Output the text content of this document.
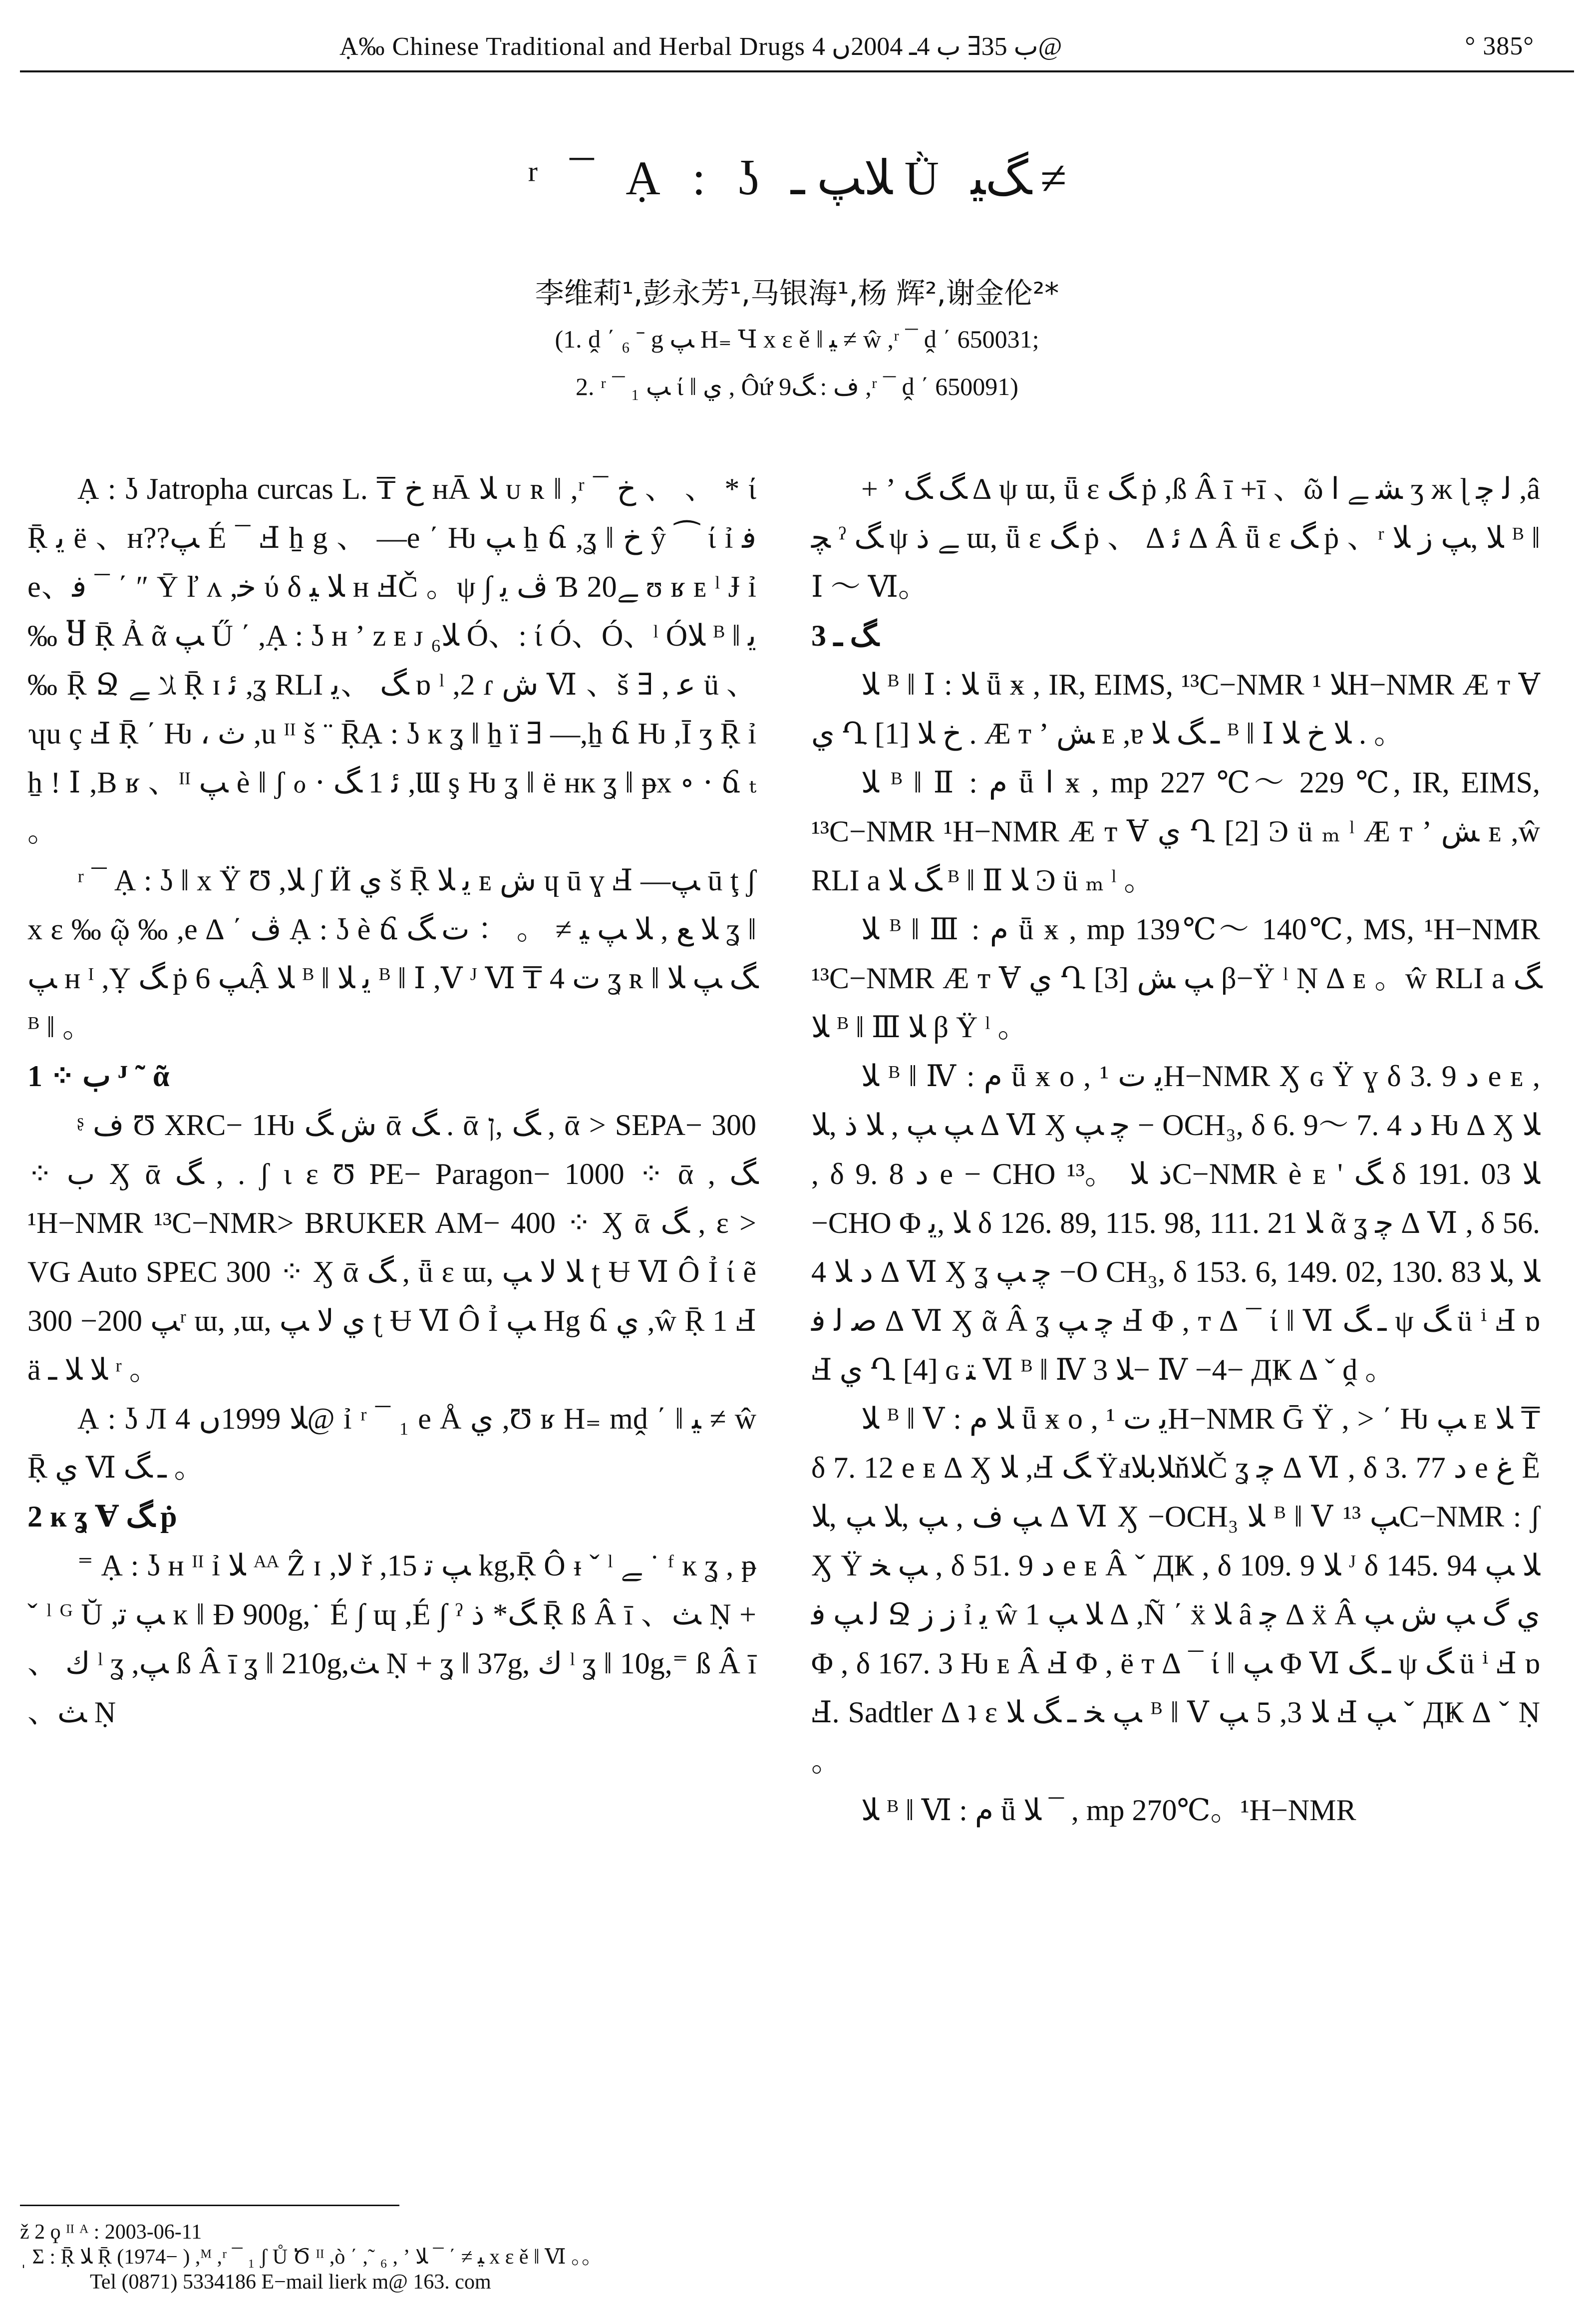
Ạ‰ Chinese Traditional and Herbal Drugs ب 35∃ ب 4ـ 2004ں 4@	° 385°
ʳ ¯ Ạ : ʖ ﻼﭗ ـ Ǜ ﮓﻴ ≠
李维莉¹,彭永芳¹,马银海¹,杨 辉²,谢金伦²*
(1. ḓ ΄ ₆ ˉ g ﭗ H₌ Ɥ x ɛ ě ǁ ﻴ ≠ ŵ ,ʳ ¯ ḓ ΄ 650031;
2. ʳ ¯ ₁ ﭗ ί ǁ ﻱ , Ôứ ف : ﮓ9 ,ʳ ¯ ḓ ΄ 650091)

Ạ : ʖ Jatropha curcas L. ₸ ﺥ ʜĀ ﻼ ᴜ ʀ ǁ ,ʳ ¯ ﺥ 、 、 * ί Ṝ ﻳ ë 、ʜ??ﭗ É ¯ Ⅎ ẖ g 、 —e ΄ Ƕ ﭗ ẖ ճ ,ʓ ǁ ﺥ ŷ ⁀ ί ỉ ﻓ e、ﻓ ¯ ΄ ″ Ȳ ľ ʌ ,ﺧ ύ δ ﻼ ﻴ ʜ ℲČ 。ψ ∫ ﭪ ﻳ Ɓ 20ﮯ ʊ ʁ ᴇ ˡ Ɉ ỉ ‰ Ⴘ Ṝ Ả ᾶ ﭗ Ű ΄ ,Ạ : ʖ ʜ ʼ ᴢ ᴇ ᴊ ﻼ₆ Ó、: ί Ó、Ó、ˡ Óﻼ ᴮ ǁ ﻳ ‰ Ṝ Ջ ﻼ ﮯ Ṝ ɪ ﺋ ,ʓ RLI ﮓ 、ﻳ ɒ ˡ ,2 ɾ ش Ⅵ 、š ∃ , ﻋ ü 、 ʮu ç Ⅎ Ṝ ΄ Ƕ ، ث ,u ᴵᴵ š ¨ ṜẠ : ʖ ĸ ʓ ǁ ẖ ï ∃ —,ẖ ճ Ƕ ,Ī ʒ Ṝ ỉ ẖ ! Ⅰ ,B ʁ 、ᴵᴵ ﭗ è ǁ ʃ ℴ ⋅ ﺋ 1 ﮓ ,Ɯ ş Ƕ ʓ ǁ ë ʜĸ ʓ ǁ ᵽx ∘ ⋅ ճ ₜ 。

ʳ ¯ Ạ : ʖ ǁ x Ÿ Ʊ ,ﻼ ʃ Ӥ ﻱ š Ṝ ﻳ ﻼ ᴇ ﺵ ɥ ū ɣ Ⅎ —ﭗ ū ţ ʃ x ɛ ‰ ῷ ‰ ,e ∆ ΄ ﭪ Ạ : ʖ è ճ ﻼ ﻊ , ﻼ ﭗ ﻴ ≠ 。 ： ﺕ ﮓ ʓ ǁ ﭗ ʜ ᴵ ,Ỵ ﮓ ṗ ﭗ 6Ậ ﻼ ᴮ ǁ ﻳ ﻼ ᴮ ǁ Ⅰ ,Ⅴ ᴶ Ⅵ ₸ 4 ﺕ ʓ ʀ ǁ ﮓ ﭗ ﻼ ᴮ ǁ 。

1 ⁘ ب ᴶ ˜ ᾶ

ᶳ ف Ʊ XRC− 1Ƕ ش ﮓ ᾱ ﮓ . ᾱ ﮓ ,ן , ᾱ > SEPA− 300 ⁘ ب Ӽ ᾱ ﮓ , . ʃ ɩ ɛ Ʊ PE− Paragon− 1000 ⁘ ᾱ ﮓ , ¹H−NMR ¹³C−NMR> BRUKER AM− 400 ⁘ Ӽ ᾱ ﮓ , ɛ > VG Auto SPEC 300 ⁘ Ӽ ᾱ ﮓ , ǖ ɛ ɯ, ﻼ ﻻ ﭗ ʈ Ʉ Ⅵ Ô Ỉ ί ẽ ﭗ 200− 300ʳ ɯ, ,ɯ, ﻱ ﻻ ﭗ ʈ Ʉ Ⅵ Ô Ỉ ﭗ Hg ճ ﻱ ,ŵ Ṝ 1 Ⅎ ä ﻼ ﻼ ـ ʳ 。

Ạ : ʖ Л ﻼ 1999ں 4@ ỉ ʳ ¯ ₁ e Å ﻱ ,Ʊ ʁ H₌ mḓ ΄ ǁ ﻴ ≠ ŵ Ṝ ﻱ Ⅵ ـ ﮓ 。

2 ĸ ʓ Ɐ ﮓ ṗ

⁼ Ạ : ʖ ʜ ᴵᴵ ỉ ﻼ ᴬᴬ Ẑ ɪ ,ﻻ ř ,ﭗ ﺗ 15 kg,Ṝ Ô ᵻ ˇ ˡ ﮯ ˙ ᶠ ĸ ʓ , ᵽ ˇ ˡ ᴳ Ŭ ,ﭗ ﺗ ĸ ǁ Ɖ 900g,˙ É ∫ ɰ ,É ∫ ˀ ﮓ* ﺫ Ṝ ß Â ī 、ﺚ Ṇ + 、 ﻙ ˡ ʓ ,ﭗ ß Â ī ʓ ǁ 210g,ﺚ Ṇ + ʓ ǁ 37g, ﻙ ˡ ʓ ǁ 10g,⁼ ß Â ī 、ﺚ Ṇ

+ ʼ ﮓ ﮓ ∆ ψ ɯ, ǖ ɛ ﮓ ṗ ,ß Â ī +ī 、ῶ ﺸ ﮯ ﺍ ʒ ж ɭ ﻟ ﭼ ,â ﭽ ˀ ﮓ ψ ﮯ ﺫ ɯ, ǖ ɛ ﮓ ṗ 、 ∆ ﺋ ∆ Â ǖ ɛ ﮓ ṗ 、ʳ ﻼ ,ﭗ ﺯ ﻼ ᴮ ǁ Ⅰ ～ Ⅵ。

3 ﮓ ـ

ﻼ ᴮ ǁ Ⅰ : ﻼ ǖ ӿ , IR, EIMS, ¹³C−NMR ﻼ ¹H−NMR Æ ᴛ Ɐ ﻱ Ղ [1] ﺥ ﻼ . Æ ᴛ ʼ ﺶ ᴇ ,ɐ ـ ﮓ ﻼ ᴮ ǁ Ⅰ ﻼ ﺥ ﻼ . 。

ﻼ ᴮ ǁ Ⅱ : ﻡ ǖ ﺍ ӿ , mp 227 ℃～ 229 ℃, IR, EIMS, ¹³C−NMR ¹H−NMR Æ ᴛ Ɐ ﻱ Ղ [2] Ͽ ü ₘ ˡ Æ ᴛ ʼ ﺶ ᴇ ,ŵ RLI a ﮓ ﻼ ᴮ ǁ Ⅱ ﻼ Ͽ ü ₘ ˡ 。

ﻼ ᴮ ǁ Ⅲ : ﻡ ǖ ӿ , mp 139℃～ 140℃, MS, ¹H−NMR ¹³C−NMR Æ ᴛ Ɐ ﻱ Ղ [3] ﭗ ﺶ β−Ÿ ˡ Ṇ ∆ ᴇ 。ŵ RLI a ﮓ ﻼ ᴮ ǁ Ⅲ ﻼ β Ÿ ˡ 。

ﻼ ᴮ ǁ Ⅳ : ﻡ ǖ ӿ o , ﻳ ﺕ ¹H−NMR Ӽ ɢ Ÿ ɣ δ 3. 9 ﺩ e ᴇ , ﭗ ﭗ , ﻼ ﺫ ,ﻼ ∆ Ⅵ Ӽ ﭼ ﭗ − OCH₃, δ 6. 9～ 7. 4 ﺩ Ƕ ∆ Ӽ ﻼ , δ 9. 8 ﺩ e − CHO ﺫ ﻼ 。¹³C−NMR è ᴇ ' ﮓ δ 191. 03 ﻼ −CHO Φ ﻼ ,ﻳ δ 126. 89, 115. 98, 111. 21 ﻼ ᾶ ʓ ﭼ ∆ Ⅵ , δ 56. 4 ﺩ ﻼ ∆ Ⅵ Ӽ ʓ ﭼ ﭗ −O CH₃, δ 153. 6, 149. 02, 130. 83 ﻼ ,ﻼ ﺻ ﻟ ﻓ ∆ Ⅵ Ӽ ᾶ Â ʓ ﭼ ﭗ Ⅎ Φ , ᴛ ∆ ¯ ί ǁ Ⅵ ـ ﮓ ψ ﮓ ü ⁱ Ⅎ ɒ Ⅎ ﻱ Ղ [4] ɢ ﺘ Ⅵ ᴮ ǁ Ⅳ ﻼ 3− Ⅳ −4− ДҜ ∆ ˇ ḓ 。

ﻼ ᴮ ǁ Ⅴ : ﻼ ﻡ ǖ ӿ o , ﻳ ﺕ ¹H−NMR Ḡ Ÿ , > ΄ Ƕ ﭗ ᴇ ﻼ ₸ δ 7. 12 e ᴇ ∆ Ӽ ﻼ ,Ⅎ ﮓ ŸⅎﻼﺑﻼňﻼČ ʓ ﭼ ∆ Ⅵ , δ 3. 77 ﺩ e ﻍ Ẽ ﭗ ﻑ , ﭗ ,ﻼ ﭗ ,ﻼ ∆ Ⅵ Ӽ −OCH₃ ﻼ ᴮ ǁ Ⅴ ﭗ ¹³C−NMR : ʃ Ӽ Ÿ ﭗ ﺨ , δ 51. 9 ﺩ e ᴇ Â ˇ ДҜ , δ 109. 9 ﻼ ᴶ δ 145. 94 ﻼ ﭗ ﻟ ﭗ ﻓ Ջ ﺯ ﺯ ỉ ﻳ ŵ ﻼ ﭗ 1 ∆ ,Ñ ΄ ẍ ﻼ â ﭼ ∆ ẍ Â ﻱ ﮒ ﭗ ﺵ ﭗ Φ , δ 167. 3 Ƕ ᴇ Â Ⅎ Φ , ë ᴛ ∆ ¯ ί ǁ ﭗ Φ Ⅵ ـ ﮓ ψ ﮓ ü ⁱ Ⅎ ɒ Ⅎ. Sadtler ∆ ʇ ɛ ﭗ ﺨ ـ ﮓ ﻼ ᴮ ǁ Ⅴ ﻼ 3, 5 ﭗ Ⅎ ﭗ ˇ ДҜ ∆ ˇ Ṇ 。

ﻼ ᴮ ǁ Ⅵ : ﻡ ǖ ﻼ ¯ , mp 270℃。¹H−NMR

ž 2 ϙ ᴵᴵ ᴬ : 2003-06-11
ˌ Σ : Ṝ ﻼ Ṝ (1974− ) ,ᴹ ,ʳ ¯ ₁ ʃ Ů Ծ ᴵᴵ ,ò ΄ ,˜ ₆ , ʼ ﻴ ≠ ΄ ¯ ﻼ x ɛ ě ǁ Ⅵ 。。
Tel (0871) 5334186 E−mail lierk m@ 163. com
